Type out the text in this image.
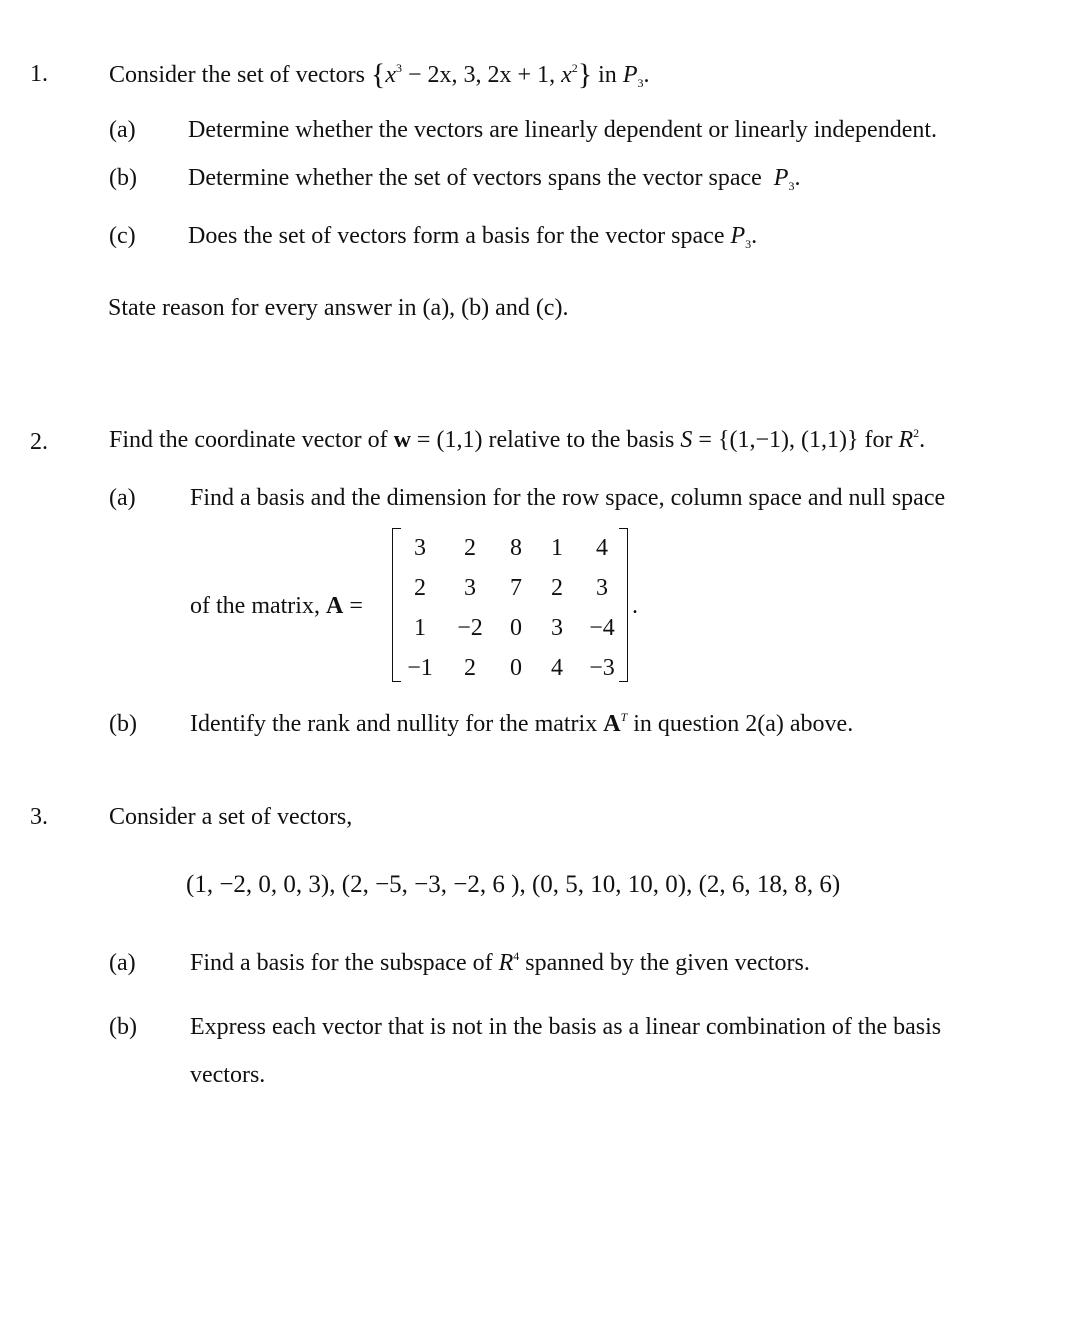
1.	Consider the set of vectors {$x^3 - 2x$, 3, 2x + 1, $x^2$} in $P_3$.
(a) Determine whether the vectors are linearly dependent or linearly independent.
(b) Determine whether the set of vectors spans the vector space $P_3$.
(c) Does the set of vectors form a basis for the vector space $P_3$.
State reason for every answer in (a), (b) and (c).
2.	Find the coordinate vector of w = (1,1) relative to the basis S = {(1,−1), (1,1)} for $R^2$.
(a) Find a basis and the dimension for the row space, column space and null space
of the matrix, A =
3	2	8	1	4
2	3	7	2	3
1	−2	0	3	−4
−1	2	0	4	−3
.
(b) Identify the rank and nullity for the matrix $A^T$ in question 2(a) above.
3.	Consider a set of vectors,
(1, −2, 0, 0, 3), (2, −5, −3, −2, 6 ), (0, 5, 10, 10, 0), (2, 6, 18, 8, 6)
(a) Find a basis for the subspace of $R^4$ spanned by the given vectors.
(b) Express each vector that is not in the basis as a linear combination of the basis
vectors.
